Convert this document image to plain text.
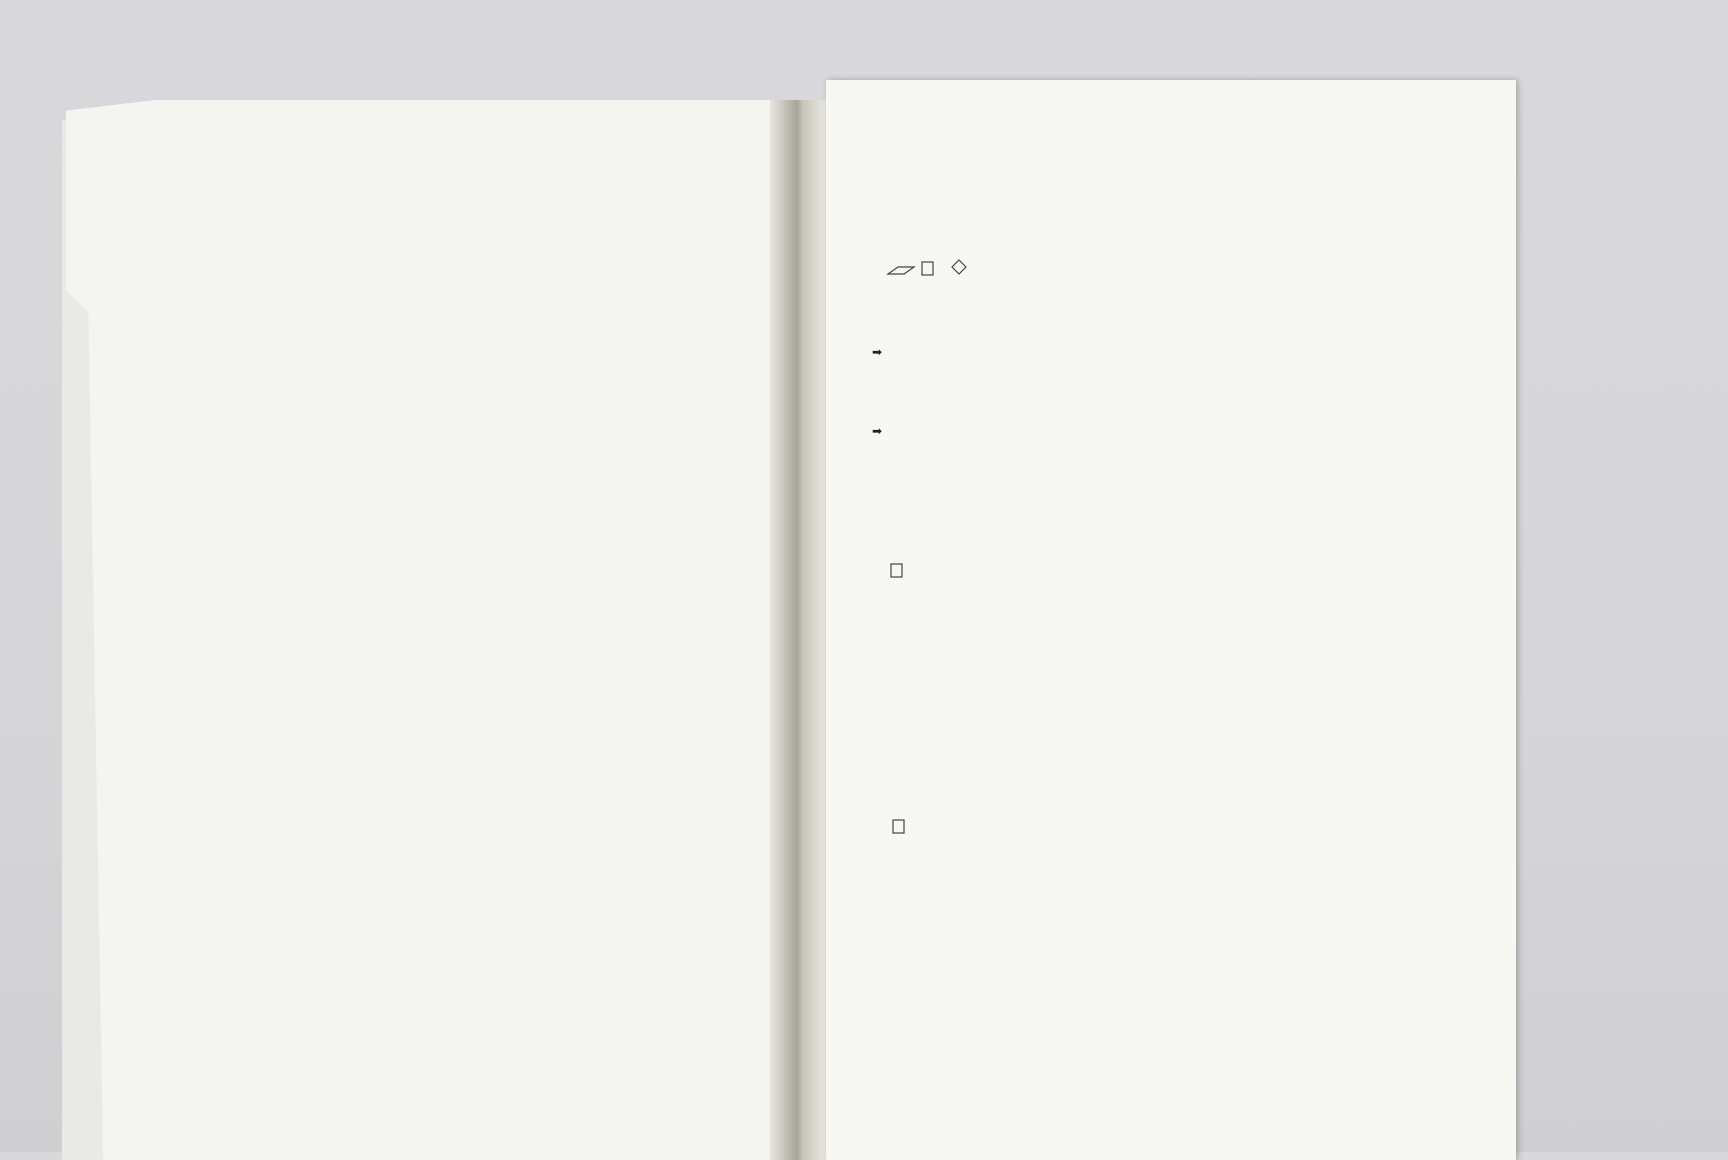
➡
➡
